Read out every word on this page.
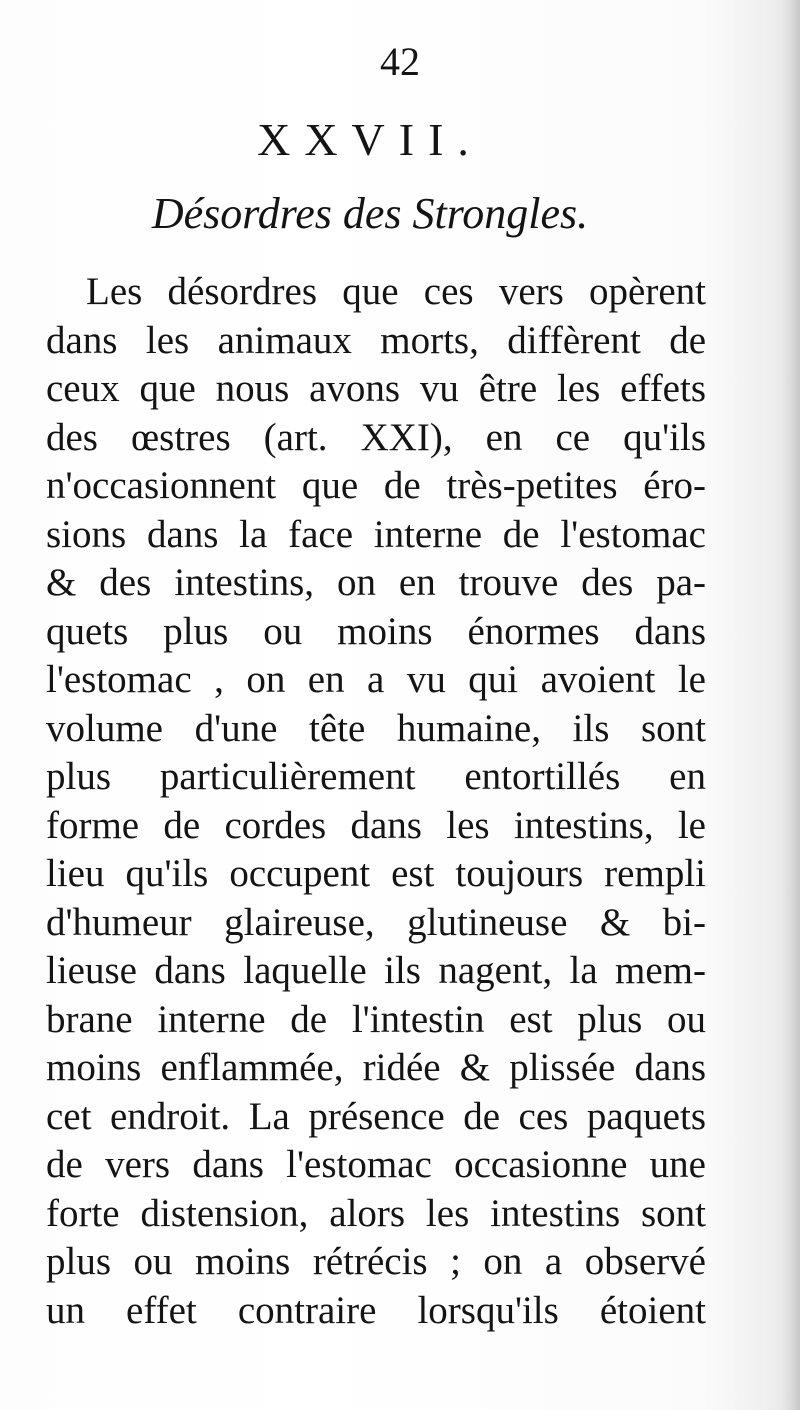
42
XXVII.
Désordres des Strongles.
Les désordres que ces vers opèrent
dans les animaux morts, diffèrent de
ceux que nous avons vu être les effets
des œstres (art. XXI), en ce qu'ils
n'occasionnent que de très-petites éro-
sions dans la face interne de l'estomac
& des intestins, on en trouve des pa-
quets plus ou moins énormes dans
l'estomac , on en a vu qui avoient le
volume d'une tête humaine, ils sont
plus particulièrement entortillés en
forme de cordes dans les intestins, le
lieu qu'ils occupent est toujours rempli
d'humeur glaireuse, glutineuse & bi-
lieuse dans laquelle ils nagent, la mem-
brane interne de l'intestin est plus ou
moins enflammée, ridée & plissée dans
cet endroit. La présence de ces paquets
de vers dans l'estomac occasionne une
forte distension, alors les intestins sont
plus ou moins rétrécis ; on a observé
un effet contraire lorsqu'ils étoient
